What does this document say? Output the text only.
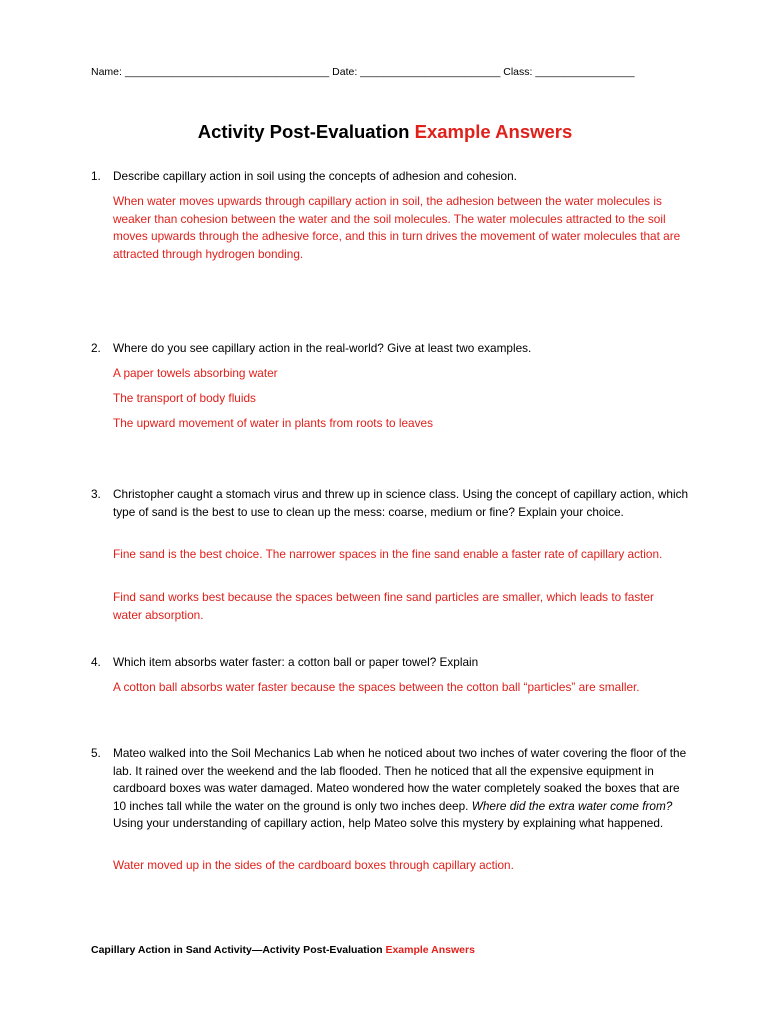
Name: ___________________________________ Date: ________________________ Class: _________________
Activity Post-Evaluation Example Answers
1. Describe capillary action in soil using the concepts of adhesion and cohesion.
When water moves upwards through capillary action in soil, the adhesion between the water molecules is weaker than cohesion between the water and the soil molecules. The water molecules attracted to the soil moves upwards through the adhesive force, and this in turn drives the movement of water molecules that are attracted through hydrogen bonding.
2. Where do you see capillary action in the real-world? Give at least two examples.
A paper towels absorbing water
The transport of body fluids
The upward movement of water in plants from roots to leaves
3. Christopher caught a stomach virus and threw up in science class. Using the concept of capillary action, which type of sand is the best to use to clean up the mess: coarse, medium or fine? Explain your choice.
Fine sand is the best choice. The narrower spaces in the fine sand enable a faster rate of capillary action.
Find sand works best because the spaces between fine sand particles are smaller, which leads to faster water absorption.
4. Which item absorbs water faster: a cotton ball or paper towel? Explain
A cotton ball absorbs water faster because the spaces between the cotton ball “particles” are smaller.
5. Mateo walked into the Soil Mechanics Lab when he noticed about two inches of water covering the floor of the lab. It rained over the weekend and the lab flooded. Then he noticed that all the expensive equipment in cardboard boxes was water damaged. Mateo wondered how the water completely soaked the boxes that are 10 inches tall while the water on the ground is only two inches deep. Where did the extra water come from? Using your understanding of capillary action, help Mateo solve this mystery by explaining what happened.
Water moved up in the sides of the cardboard boxes through capillary action.
Capillary Action in Sand Activity—Activity Post-Evaluation Example Answers
